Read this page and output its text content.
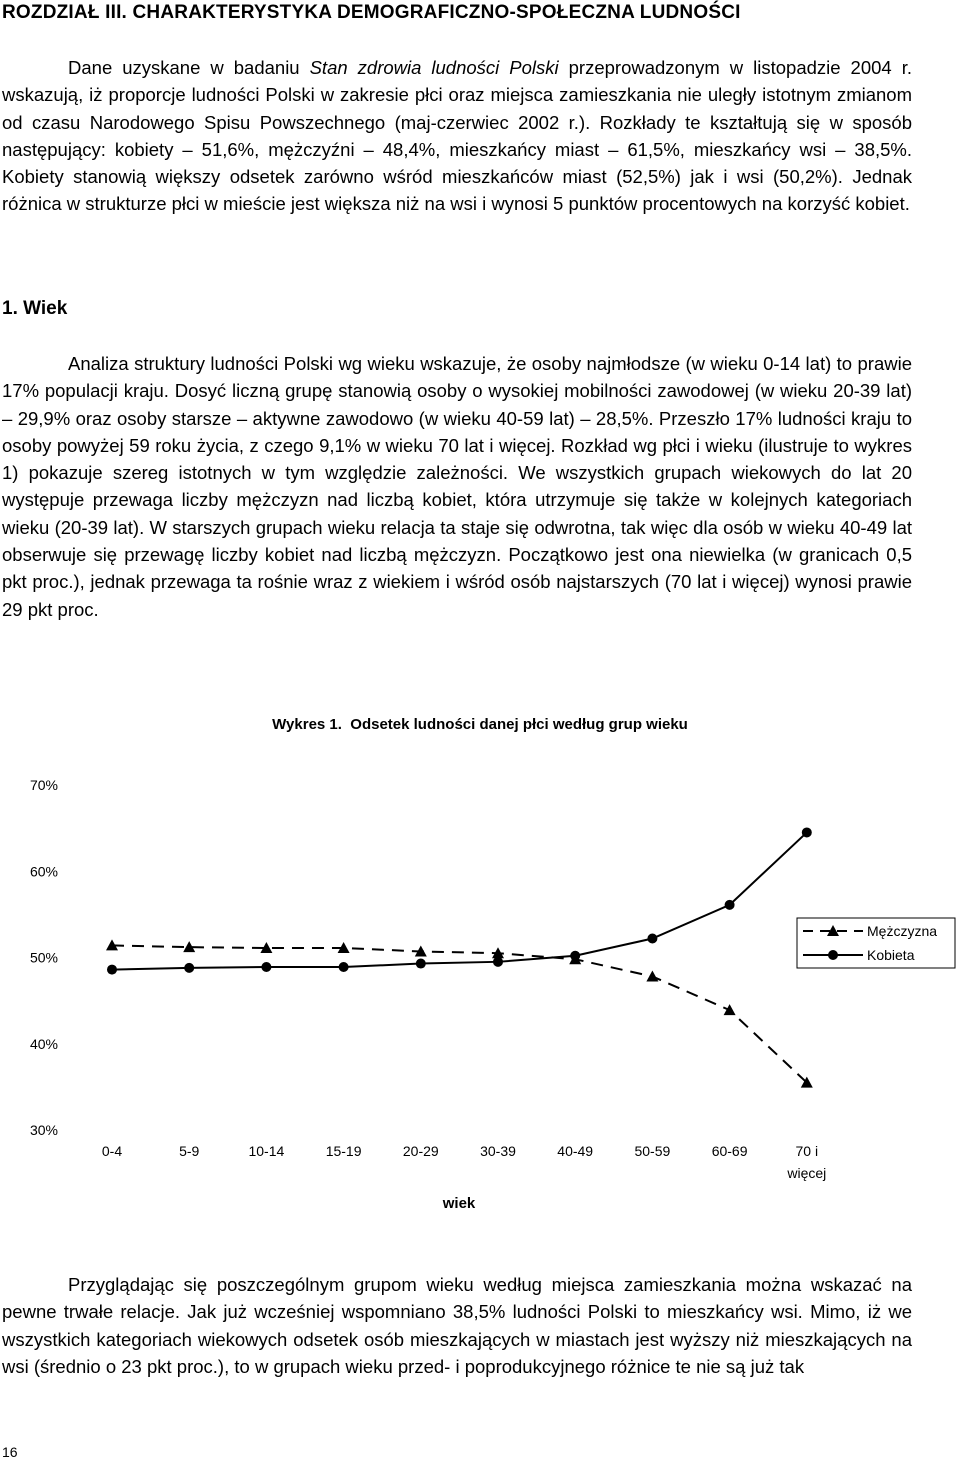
ROZDZIAŁ III. CHARAKTERYSTYKA DEMOGRAFICZNO-SPOŁECZNA LUDNOŚCI
Dane uzyskane w badaniu Stan zdrowia ludności Polski przeprowadzonym w listopadzie 2004 r. wskazują, iż proporcje ludności Polski w zakresie płci oraz miejsca zamieszkania nie uległy istotnym zmianom od czasu Narodowego Spisu Powszechnego (maj-czerwiec 2002 r.). Rozkłady te kształtują się w sposób następujący: kobiety – 51,6%, mężczyźni – 48,4%, mieszkańcy miast – 61,5%, mieszkańcy wsi – 38,5%. Kobiety stanowią większy odsetek zarówno wśród mieszkańców miast (52,5%) jak i wsi (50,2%). Jednak różnica w strukturze płci w mieście jest większa niż na wsi i wynosi 5 punktów procentowych na korzyść kobiet.
1. Wiek
Analiza struktury ludności Polski wg wieku wskazuje, że osoby najmłodsze (w wieku 0-14 lat) to prawie 17% populacji kraju. Dosyć liczną grupę stanowią osoby o wysokiej mobilności zawodowej (w wieku 20-39 lat) – 29,9% oraz osoby starsze – aktywne zawodowo (w wieku 40-59 lat) – 28,5%. Przeszło 17% ludności kraju to osoby powyżej 59 roku życia, z czego 9,1% w wieku 70 lat i więcej. Rozkład wg płci i wieku (ilustruje to wykres 1) pokazuje szereg istotnych w tym względzie zależności. We wszystkich grupach wiekowych do lat 20 występuje przewaga liczby mężczyzn nad liczbą kobiet, która utrzymuje się także w kolejnych kategoriach wieku (20-39 lat). W starszych grupach wieku relacja ta staje się odwrotna, tak więc dla osób w wieku 40-49 lat obserwuje się przewagę liczby kobiet nad liczbą mężczyzn. Początkowo jest ona niewielka (w granicach 0,5 pkt proc.), jednak przewaga ta rośnie wraz z wiekiem i wśród osób najstarszych (70 lat i więcej) wynosi prawie 29 pkt proc.
Wykres 1. Odsetek ludności danej płci według grup wieku
30%
40%
50%
60%
70%
0-4	5-9	10-14	15-19	20-29	30-39	40-49	50-59	60-69	70 i
więcej
wiek
Mężczyzna
Kobieta
Przyglądając się poszczególnym grupom wieku według miejsca zamieszkania można wskazać na pewne trwałe relacje. Jak już wcześniej wspomniano 38,5% ludności Polski to mieszkańcy wsi. Mimo, iż we wszystkich kategoriach wiekowych odsetek osób mieszkających w miastach jest wyższy niż mieszkających na wsi (średnio o 23 pkt proc.), to w grupach wieku przed- i poprodukcyjnego różnice te nie są już tak
16
